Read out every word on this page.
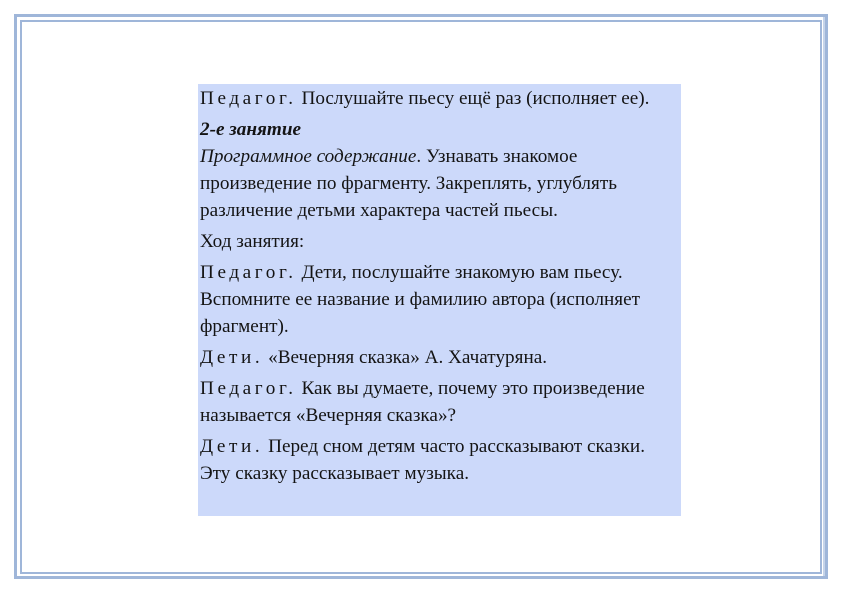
Педагог. Послушайте пьесу ещё раз (исполняет ее).

2-е занятие

Программное содержание. Узнавать знакомое произведение по фрагменту. Закреплять, углублять различение детьми характера частей пьесы.

Ход занятия:

Педагог. Дети, послушайте знакомую вам пьесу. Вспомните ее название и фамилию автора (исполняет фрагмент).

Дети. «Вечерняя сказка» А. Хачатуряна.

Педагог. Как вы думаете, почему это произведение называется «Вечерняя сказка»?

Дети. Перед сном детям часто рассказывают сказки. Эту сказку рассказывает музыка.
